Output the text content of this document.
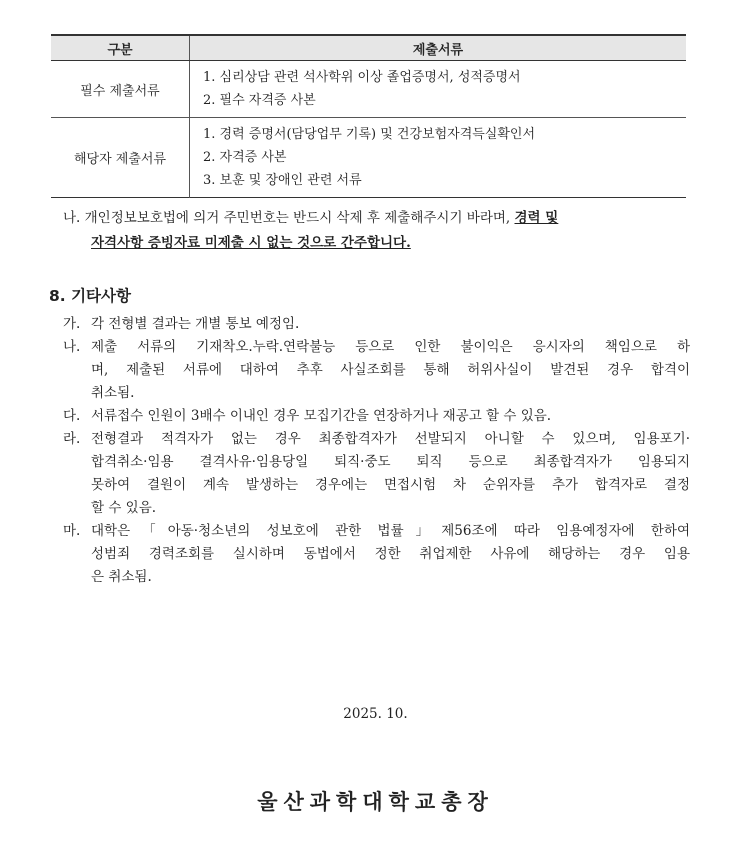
구분	제출서류
필수 제출서류	1. 심리상담 관련 석사학위 이상 졸업증명서, 성적증명서
2. 필수 자격증 사본

해당자 제출서류	1. 경력 증명서(담당업무 기록) 및 건강보험자격득실확인서
2. 자격증 사본
3. 보훈 및 장애인 관련 서류
나. 개인정보보호법에 의거 주민번호는 반드시 삭제 후 제출해주시기 바라며, 경력 및
자격사항 증빙자료 미제출 시 없는 것으로 간주합니다.
8. 기타사항
가. 각 전형별 결과는 개별 통보 예정임.
나. 제출 서류의 기재착오.누락.연락불능 등으로 인한 불이익은 응시자의 책임으로 하
며, 제출된 서류에 대하여 추후 사실조회를 통해 허위사실이 발견된 경우 합격이
취소됨.
다. 서류접수 인원이 3배수 이내인 경우 모집기간을 연장하거나 재공고 할 수 있음.
라. 전형결과 적격자가 없는 경우 최종합격자가 선발되지 아니할 수 있으며, 임용포기·
합격취소·임용 결격사유·임용당일 퇴직·중도 퇴직 등으로 최종합격자가 임용되지
못하여 결원이 계속 발생하는 경우에는 면접시험 차 순위자를 추가 합격자로 결정
할 수 있음.
마. 대학은「아동·청소년의 성보호에 관한 법률」제56조에 따라 임용예정자에 한하여
성범죄 경력조회를 실시하며 동법에서 정한 취업제한 사유에 해당하는 경우 임용
은 취소됨.
2025. 10.
울산과학대학교총장
